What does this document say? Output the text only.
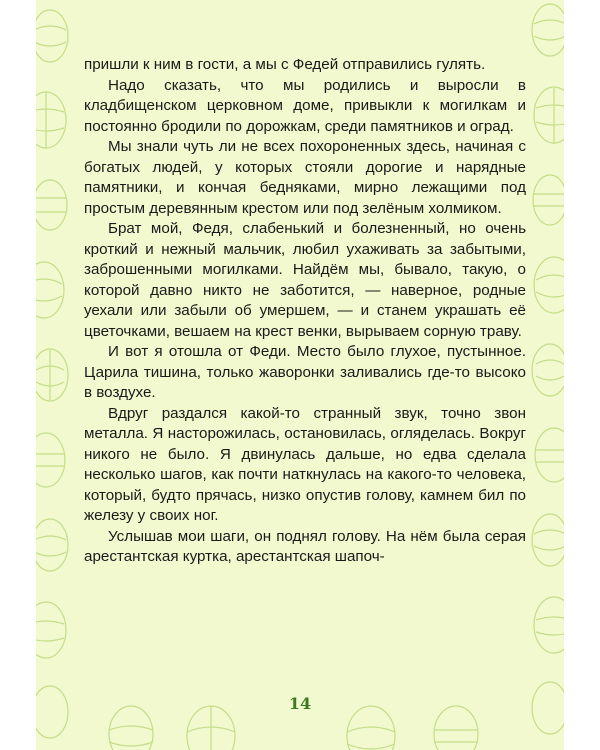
пришли к ним в гости, а мы с Федей отправились гулять.

Надо сказать, что мы родились и выросли в кладбищенском церковном доме, привыкли к могилкам и постоянно бродили по дорожкам, среди памятников и оград.

Мы знали чуть ли не всех похороненных здесь, начиная с богатых людей, у которых стояли дорогие и нарядные памятники, и кончая бедняками, мирно лежащими под простым деревянным крестом или под зелёным холмиком.

Брат мой, Федя, слабенький и болезненный, но очень кроткий и нежный мальчик, любил ухаживать за забытыми, заброшенными могилками. Найдём мы, бывало, такую, о которой давно никто не заботится, — наверное, родные уехали или забыли об умершем, — и станем украшать её цветочками, вешаем на крест венки, вырываем сорную траву.

И вот я отошла от Феди. Место было глухое, пустынное. Царила тишина, только жаворонки заливались где-то высоко в воздухе.

Вдруг раздался какой-то странный звук, точно звон металла. Я насторожилась, остановилась, огляделась. Вокруг никого не было. Я двинулась дальше, но едва сделала несколько шагов, как почти наткнулась на какого-то человека, который, будто прячась, низко опустив голову, камнем бил по железу у своих ног.

Услышав мои шаги, он поднял голову. На нём была серая арестантская куртка, арестантская шапоч-

14
